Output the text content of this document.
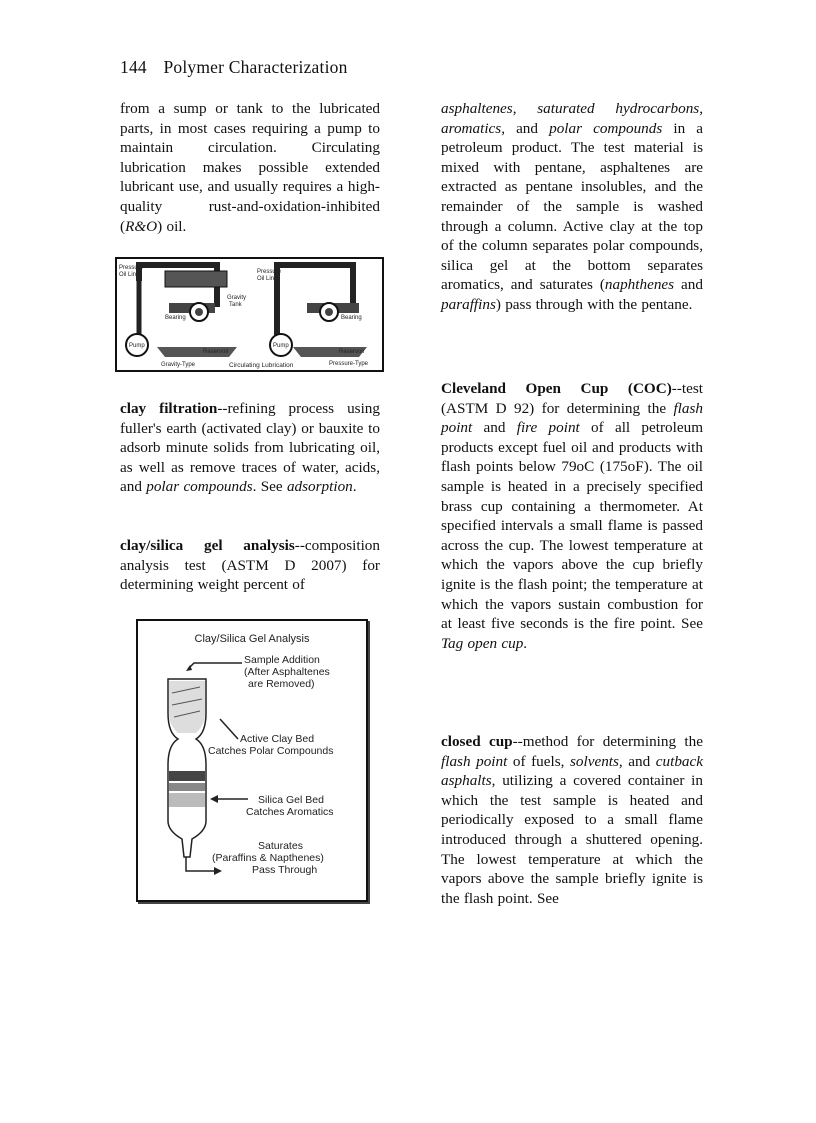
144 Polymer Characterization

from a sump or tank to the lubricated parts, in most cases requiring a pump to maintain circulation. Circulating lubrication makes possible extended lubricant use, and usually requires a high-quality rust-and-oxidation-inhibited (R&O) oil.

clay filtration--refining process using fuller's earth (activated clay) or bauxite to adsorb minute solids from lubricating oil, as well as remove traces of water, acids, and polar compounds. See adsorption.

clay/silica gel analysis--composition analysis test (ASTM D 2007) for determining weight percent of

Pressure
Oil Line	Pressure
Oil Line
Gravity
Tank
Bearing	Bearing
Pump	Pump
Reservoir	Reservoir
Gravity-Type	Circulating Lubrication	Pressure-Type
Clay/Silica Gel Analysis
Sample Addition
(After Asphaltenes
are Removed)
Active Clay Bed
Catches Polar Compounds
Silica Gel Bed
Catches Aromatics
Saturates
(Paraffins & Napthenes)
Pass Through

asphaltenes, saturated hydrocarbons, aromatics, and polar compounds in a petroleum product. The test material is mixed with pentane, asphaltenes are extracted as pentane insolubles, and the remainder of the sample is washed through a column. Active clay at the top of the column separates polar compounds, silica gel at the bottom separates aromatics, and saturates (naphthenes and paraffins) pass through with the pentane.

Cleveland Open Cup (COC)--test (ASTM D 92) for determining the flash point and fire point of all petroleum products except fuel oil and products with flash points below 79oC (175oF). The oil sample is heated in a precisely specified brass cup containing a thermometer. At specified intervals a small flame is passed across the cup. The lowest temperature at which the vapors above the cup briefly ignite is the flash point; the temperature at which the vapors sustain combustion for at least five seconds is the fire point. See Tag open cup.

closed cup--method for determining the flash point of fuels, solvents, and cutback asphalts, utilizing a covered container in which the test sample is heated and periodically exposed to a small flame introduced through a shuttered opening. The lowest temperature at which the vapors above the sample briefly ignite is the flash point. See
